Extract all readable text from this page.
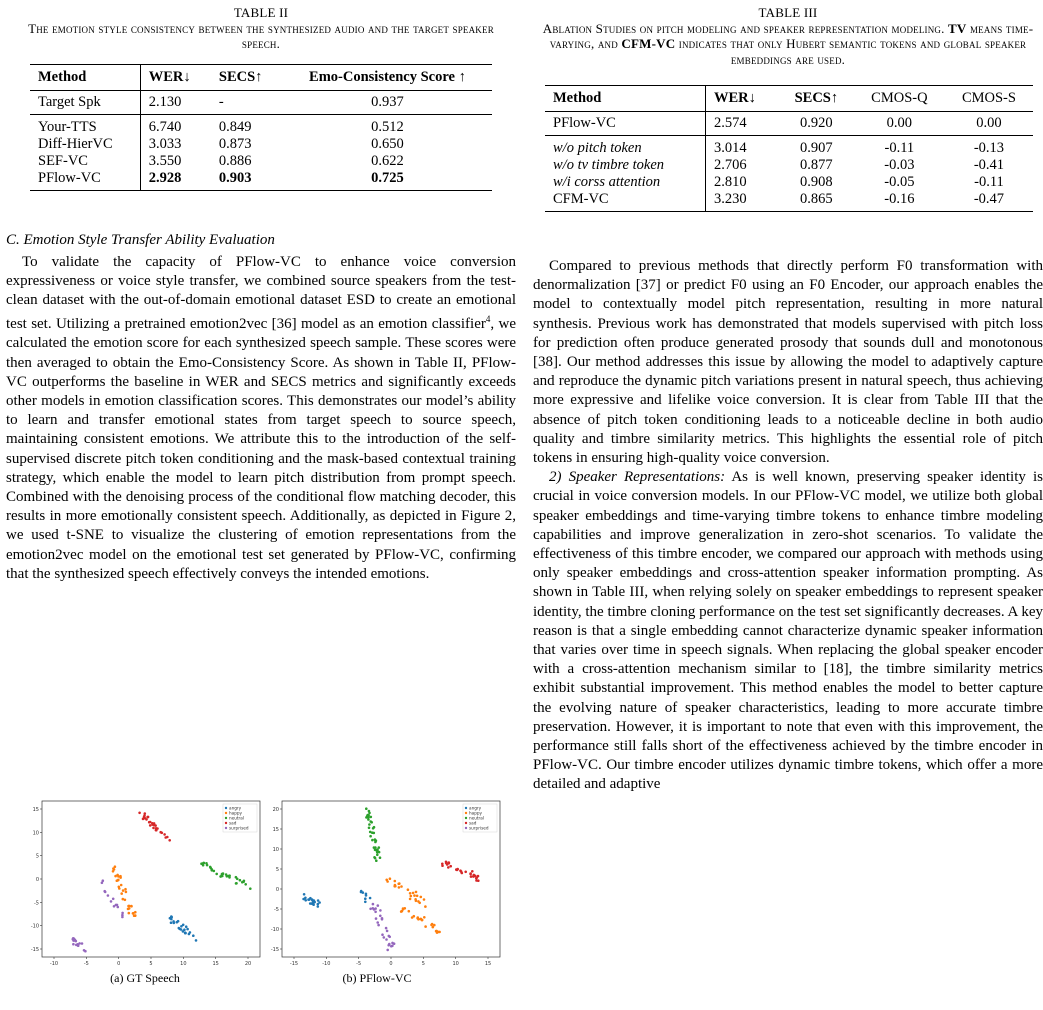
TABLE II
The emotion style consistency between the synthesized audio and the target speaker speech.
Method	WER↓	SECS↑	Emo-Consistency Score ↑
Target Spk	2.130	-	0.937
Your-TTS	6.740	0.849	0.512
Diff-HierVC	3.033	0.873	0.650
SEF-VC	3.550	0.886	0.622
PFlow-VC	2.928	0.903	0.725
C. Emotion Style Transfer Ability Evaluation

To validate the capacity of PFlow-VC to enhance voice conversion expressiveness or voice style transfer, we combined source speakers from the test-clean dataset with the out-of-domain emotional dataset ESD to create an emotional test set. Utilizing a pretrained emotion2vec [36] model as an emotion classifier$^4$, we calculated the emotion score for each synthesized speech sample. These scores were then averaged to obtain the Emo-Consistency Score. As shown in Table II, PFlow-VC outperforms the baseline in WER and SECS metrics and significantly exceeds other models in emotion classification scores. This demonstrates our model’s ability to learn and transfer emotional states from target speech to source speech, maintaining consistent emotions. We attribute this to the introduction of the self-supervised discrete pitch token conditioning and the mask-based contextual training strategy, which enable the model to learn pitch distribution from prompt speech. Combined with the denoising process of the conditional flow matching decoder, this results in more emotionally consistent speech. Additionally, as depicted in Figure 2, we used t-SNE to visualize the clustering of emotion representations from the emotion2vec model on the emotional test set generated by PFlow-VC, confirming that the synthesized speech effectively conveys the intended emotions.

15
10
5
0
-5
-10
-15
-10	-5	0	5	10	15	20
angry
happy
neutral
sad
surprised
20
15
10
5
0
-5
-10
-15
-15	-10	-5	0	5	10	15
angry
happy
neutral
sad
surprised
(a) GT Speech	(b) PFlow-VC
TABLE III
Ablation Studies on pitch modeling and speaker representation modeling. TV means time-varying, and CFM-VC indicates that only Hubert semantic tokens and global speaker embeddings are used.
Method	WER↓	SECS↑	CMOS-Q	CMOS-S
PFlow-VC	2.574	0.920	0.00	0.00
w/o pitch token	3.014	0.907	-0.11	-0.13
w/o tv timbre token	2.706	0.877	-0.03	-0.41
w/i corss attention	2.810	0.908	-0.05	-0.11
CFM-VC	3.230	0.865	-0.16	-0.47

Compared to previous methods that directly perform F0 transformation with denormalization [37] or predict F0 using an F0 Encoder, our approach enables the model to contextually model pitch representation, resulting in more natural synthesis. Previous work has demonstrated that models supervised with pitch loss for prediction often produce generated prosody that sounds dull and monotonous [38]. Our method addresses this issue by allowing the model to adaptively capture and reproduce the dynamic pitch variations present in natural speech, thus achieving more expressive and lifelike voice conversion. It is clear from Table III that the absence of pitch token conditioning leads to a noticeable decline in both audio quality and timbre similarity metrics. This highlights the essential role of pitch tokens in ensuring high-quality voice conversion.

2) Speaker Representations: As is well known, preserving speaker identity is crucial in voice conversion models. In our PFlow-VC model, we utilize both global speaker embeddings and time-varying timbre tokens to enhance timbre modeling capabilities and improve generalization in zero-shot scenarios. To validate the effectiveness of this timbre encoder, we compared our approach with methods using only speaker embeddings and cross-attention speaker information prompting. As shown in Table III, when relying solely on speaker embeddings to represent speaker identity, the timbre cloning performance on the test set significantly decreases. A key reason is that a single embedding cannot characterize dynamic speaker information that varies over time in speech signals. When replacing the global speaker encoder with a cross-attention mechanism similar to [18], the timbre similarity metrics exhibit substantial improvement. This method enables the model to better capture the evolving nature of speaker characteristics, leading to more accurate timbre preservation. However, it is important to note that even with this improvement, the performance still falls short of the effectiveness achieved by the timbre encoder in PFlow-VC. Our timbre encoder utilizes dynamic timbre tokens, which offer a more detailed and adaptive
